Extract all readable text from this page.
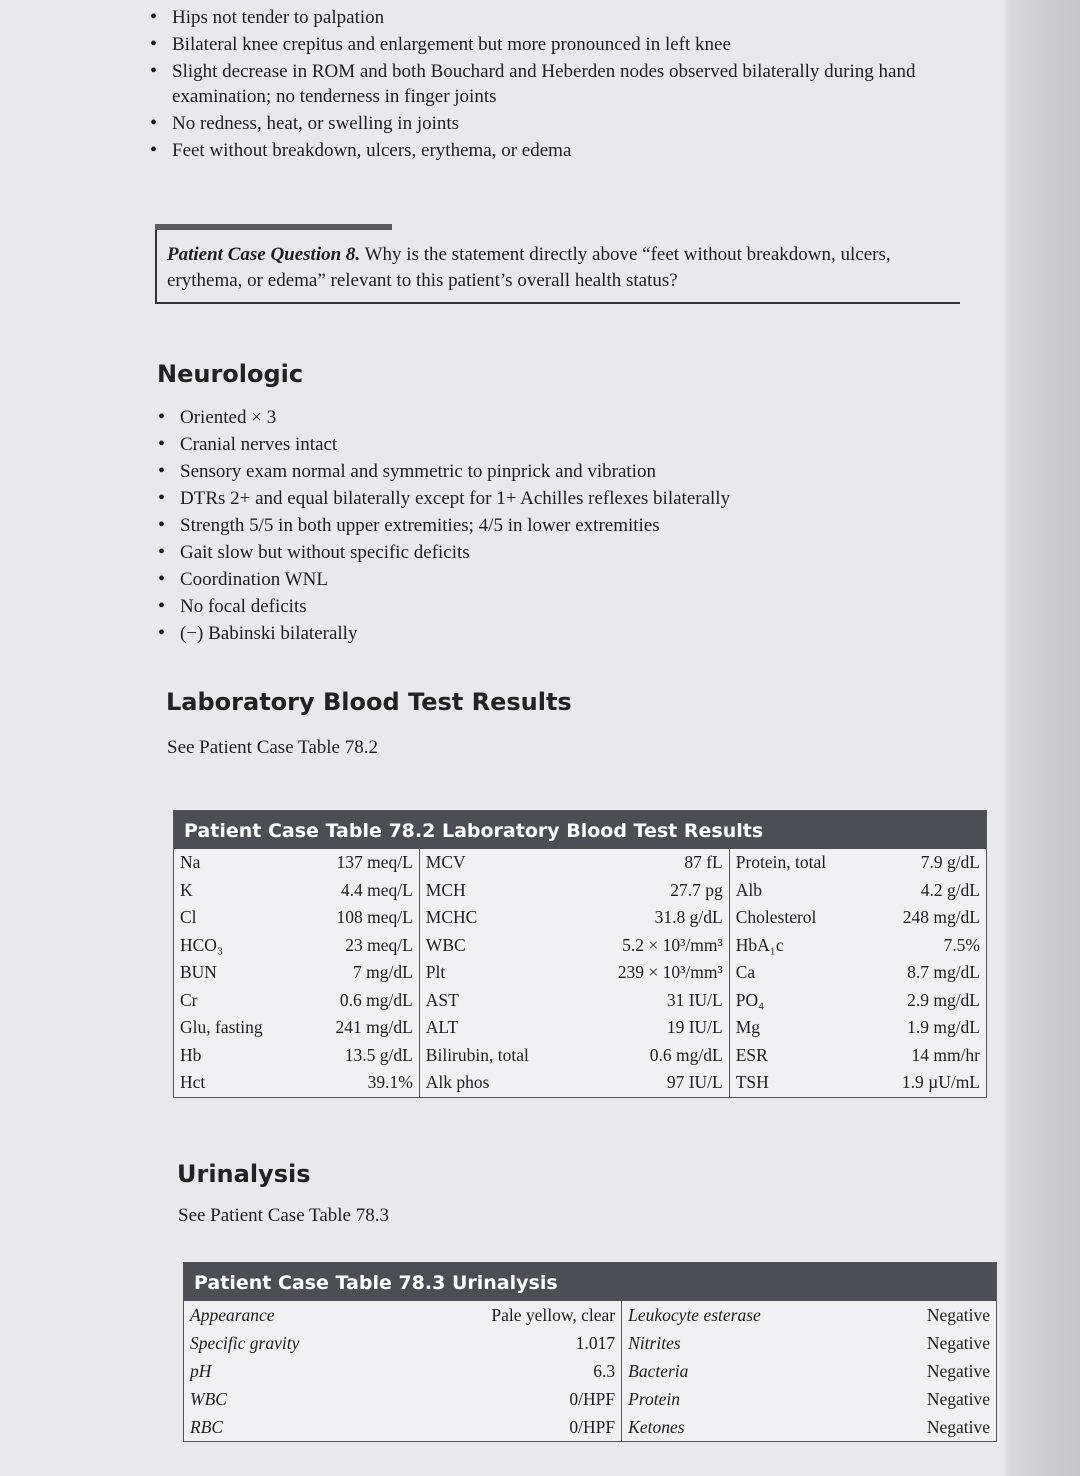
• Hips not tender to palpation
• Bilateral knee crepitus and enlargement but more pronounced in left knee
• Slight decrease in ROM and both Bouchard and Heberden nodes observed bilaterally during hand examination; no tenderness in finger joints
• No redness, heat, or swelling in joints
• Feet without breakdown, ulcers, erythema, or edema
Patient Case Question 8. Why is the statement directly above “feet without breakdown, ulcers, erythema, or edema” relevant to this patient’s overall health status?
Neurologic
• Oriented × 3
• Cranial nerves intact
• Sensory exam normal and symmetric to pinprick and vibration
• DTRs 2+ and equal bilaterally except for 1+ Achilles reflexes bilaterally
• Strength 5/5 in both upper extremities; 4/5 in lower extremities
• Gait slow but without specific deficits
• Coordination WNL
• No focal deficits
• (−) Babinski bilaterally
Laboratory Blood Test Results
See Patient Case Table 78.2
Patient Case Table 78.2 Laboratory Blood Test Results
Na	137 meq/L	MCV	87 fL	Protein, total	7.9 g/dL
K	4.4 meq/L	MCH	27.7 pg	Alb	4.2 g/dL
Cl	108 meq/L	MCHC	31.8 g/dL	Cholesterol	248 mg/dL
HCO₃	23 meq/L	WBC	5.2 × 10³/mm³	HbA₁c	7.5%
BUN	7 mg/dL	Plt	239 × 10³/mm³	Ca	8.7 mg/dL
Cr	0.6 mg/dL	AST	31 IU/L	PO₄	2.9 mg/dL
Glu, fasting	241 mg/dL	ALT	19 IU/L	Mg	1.9 mg/dL
Hb	13.5 g/dL	Bilirubin, total	0.6 mg/dL	ESR	14 mm/hr
Hct	39.1%	Alk phos	97 IU/L	TSH	1.9 µU/mL
Urinalysis
See Patient Case Table 78.3
Patient Case Table 78.3 Urinalysis
Appearance	Pale yellow, clear	Leukocyte esterase	Negative
Specific gravity	1.017	Nitrites	Negative
pH	6.3	Bacteria	Negative
WBC	0/HPF	Protein	Negative
RBC	0/HPF	Ketones	Negative
